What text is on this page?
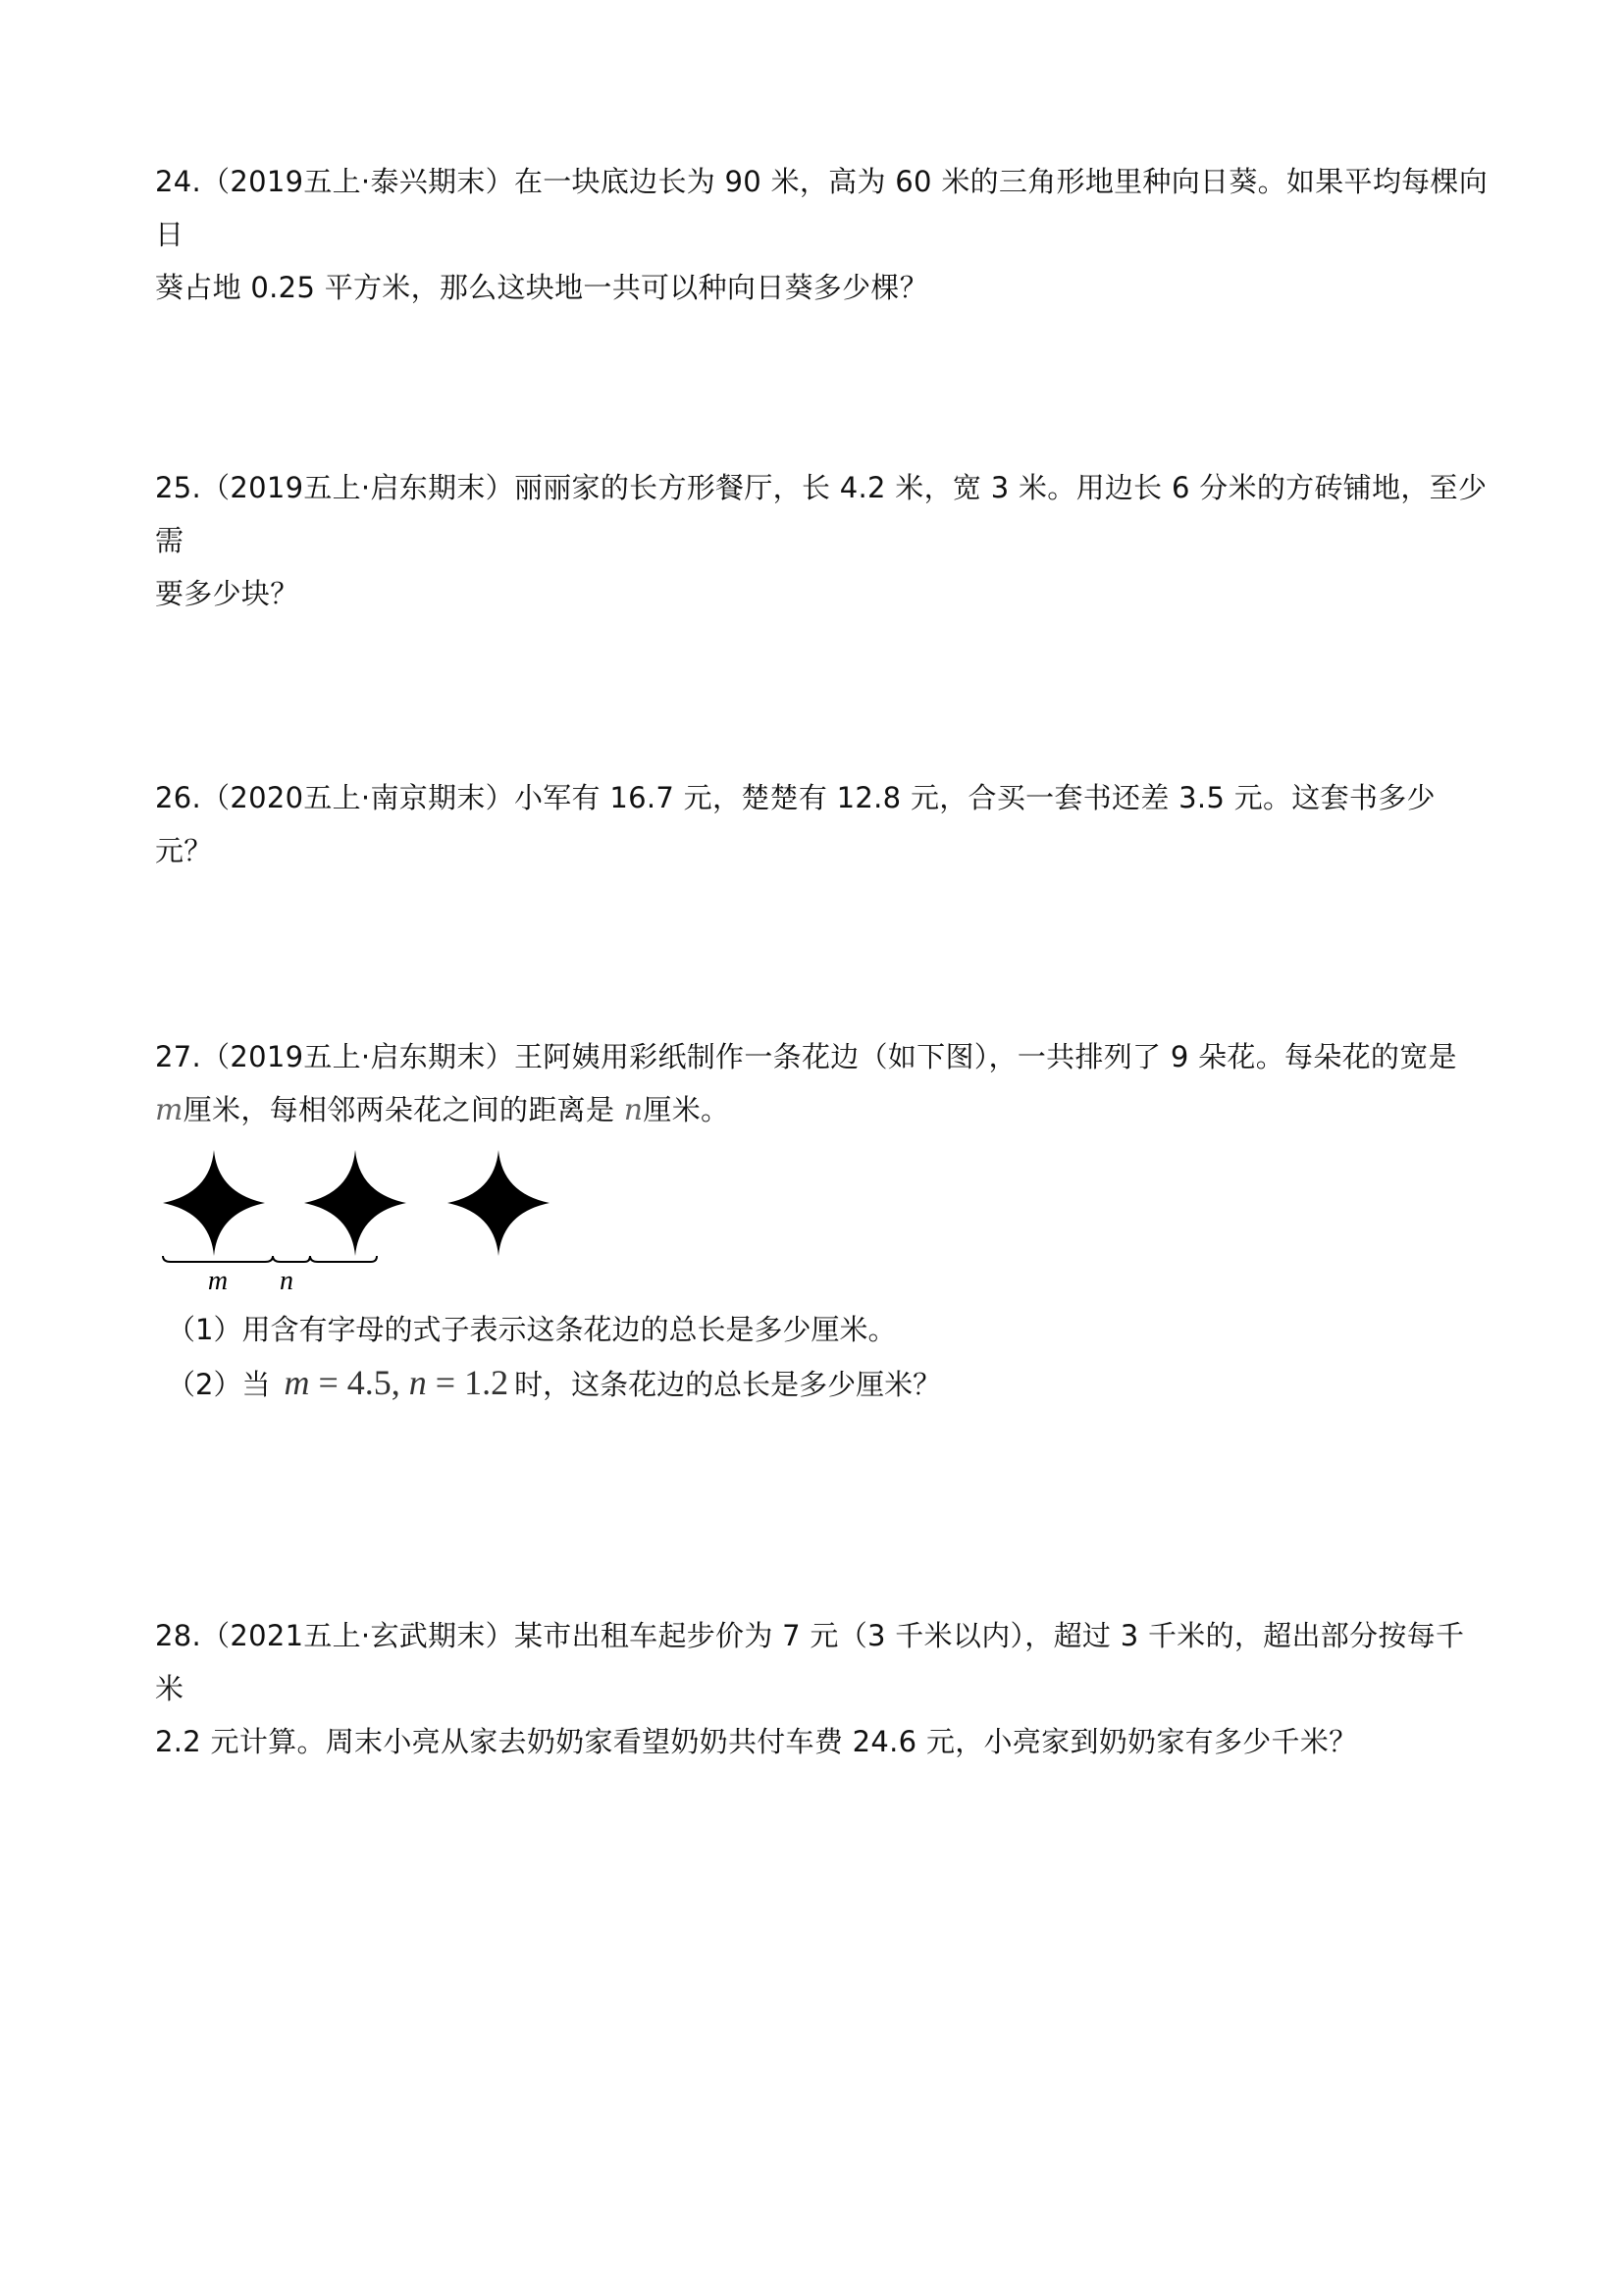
24.（2019五上·泰兴期末）在一块底边长为 90 米，高为 60 米的三角形地里种向日葵。如果平均每棵向日

葵占地 0.25 平方米，那么这块地一共可以种向日葵多少棵？

25.（2019五上·启东期末）丽丽家的长方形餐厅，长 4.2 米，宽 3 米。用边长 6 分米的方砖铺地，至少需

要多少块？

26.（2020五上·南京期末）小军有 16.7 元，楚楚有 12.8 元，合买一套书还差 3.5 元。这套书多少元？

27.（2019五上·启东期末）王阿姨用彩纸制作一条花边（如下图），一共排列了 9 朵花。每朵花的宽是

m厘米，每相邻两朵花之间的距离是 n厘米。

m n

（1）用含有字母的式子表示这条花边的总长是多少厘米。

（2）当 m = 4.5, n = 1.2 时，这条花边的总长是多少厘米？

28.（2021五上·玄武期末）某市出租车起步价为 7 元（3 千米以内），超过 3 千米的，超出部分按每千米

2.2 元计算。周末小亮从家去奶奶家看望奶奶共付车费 24.6 元，小亮家到奶奶家有多少千米？
